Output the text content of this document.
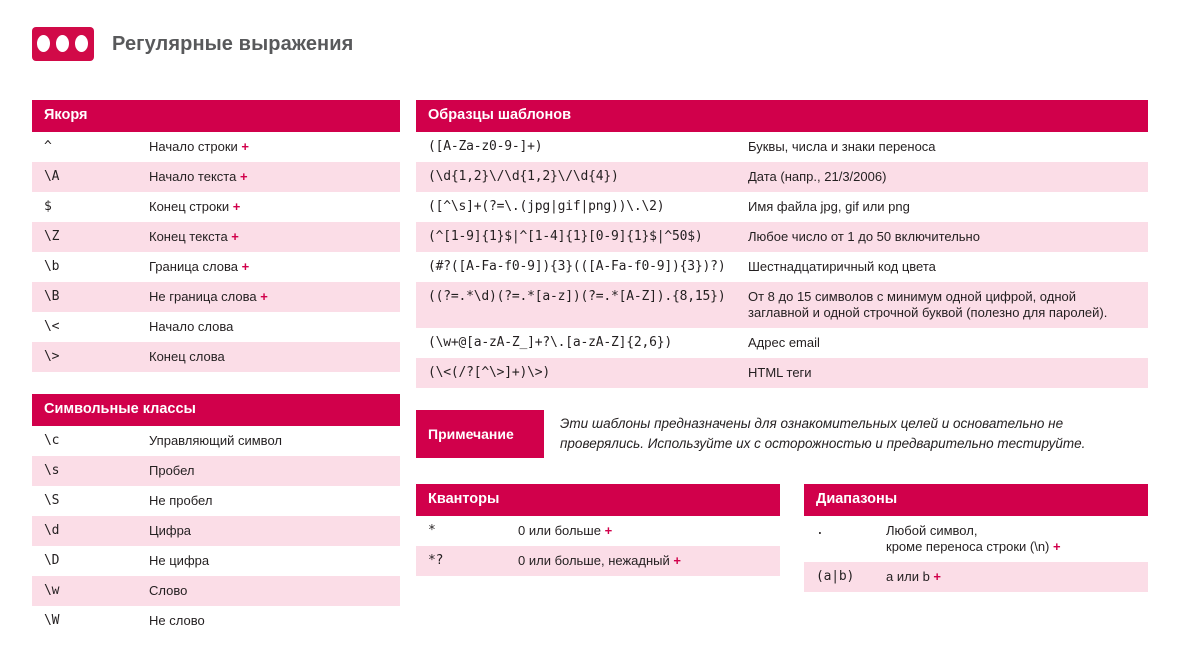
Регулярные выражения
Якоря
^	Начало строки +
\A	Начало текста +
$	Конец строки +
\Z	Конец текста +
\b	Граница слова +
\B	Не граница слова +
\<	Начало слова
\>	Конец слова
Символьные классы
\c	Управляющий символ
\s	Пробел
\S	Не пробел
\d	Цифра
\D	Не цифра
\w	Слово
\W	Не слово
Образцы шаблонов
([A-Za-z0-9-]+)	Буквы, числа и знаки переноса
(\d{1,2}\/\d{1,2}\/\d{4})	Дата (напр., 21/3/2006)
([^\s]+(?=\.(jpg|gif|png))\.\2)	Имя файла jpg, gif или png
(^[1-9]{1}$|^[1-4]{1}[0-9]{1}$|^50$)	Любое число от 1 до 50 включительно
(#?([A-Fa-f0-9]){3}(([A-Fa-f0-9]){3})?)	Шестнадцатиричный код цвета
((?=.*\d)(?=.*[a-z])(?=.*[A-Z]).{8,15})	От 8 до 15 символов с минимум одной цифрой, одной заглавной и одной строчной буквой (полезно для паролей).
(\w+@[a-zA-Z_]+?\.[a-zA-Z]{2,6})	Адрес email
(\<(/?[^\>]+)\>)	HTML теги
Примечание
Эти шаблоны предназначены для ознакомительных целей и основательно не проверялись. Используйте их с осторожностью и предварительно тестируйте.
Кванторы
*	0 или больше +
*?	0 или больше, нежадный +
Диапазоны
.	Любой символ,
кроме переноса строки (\n) +
(a|b)	a или b +
